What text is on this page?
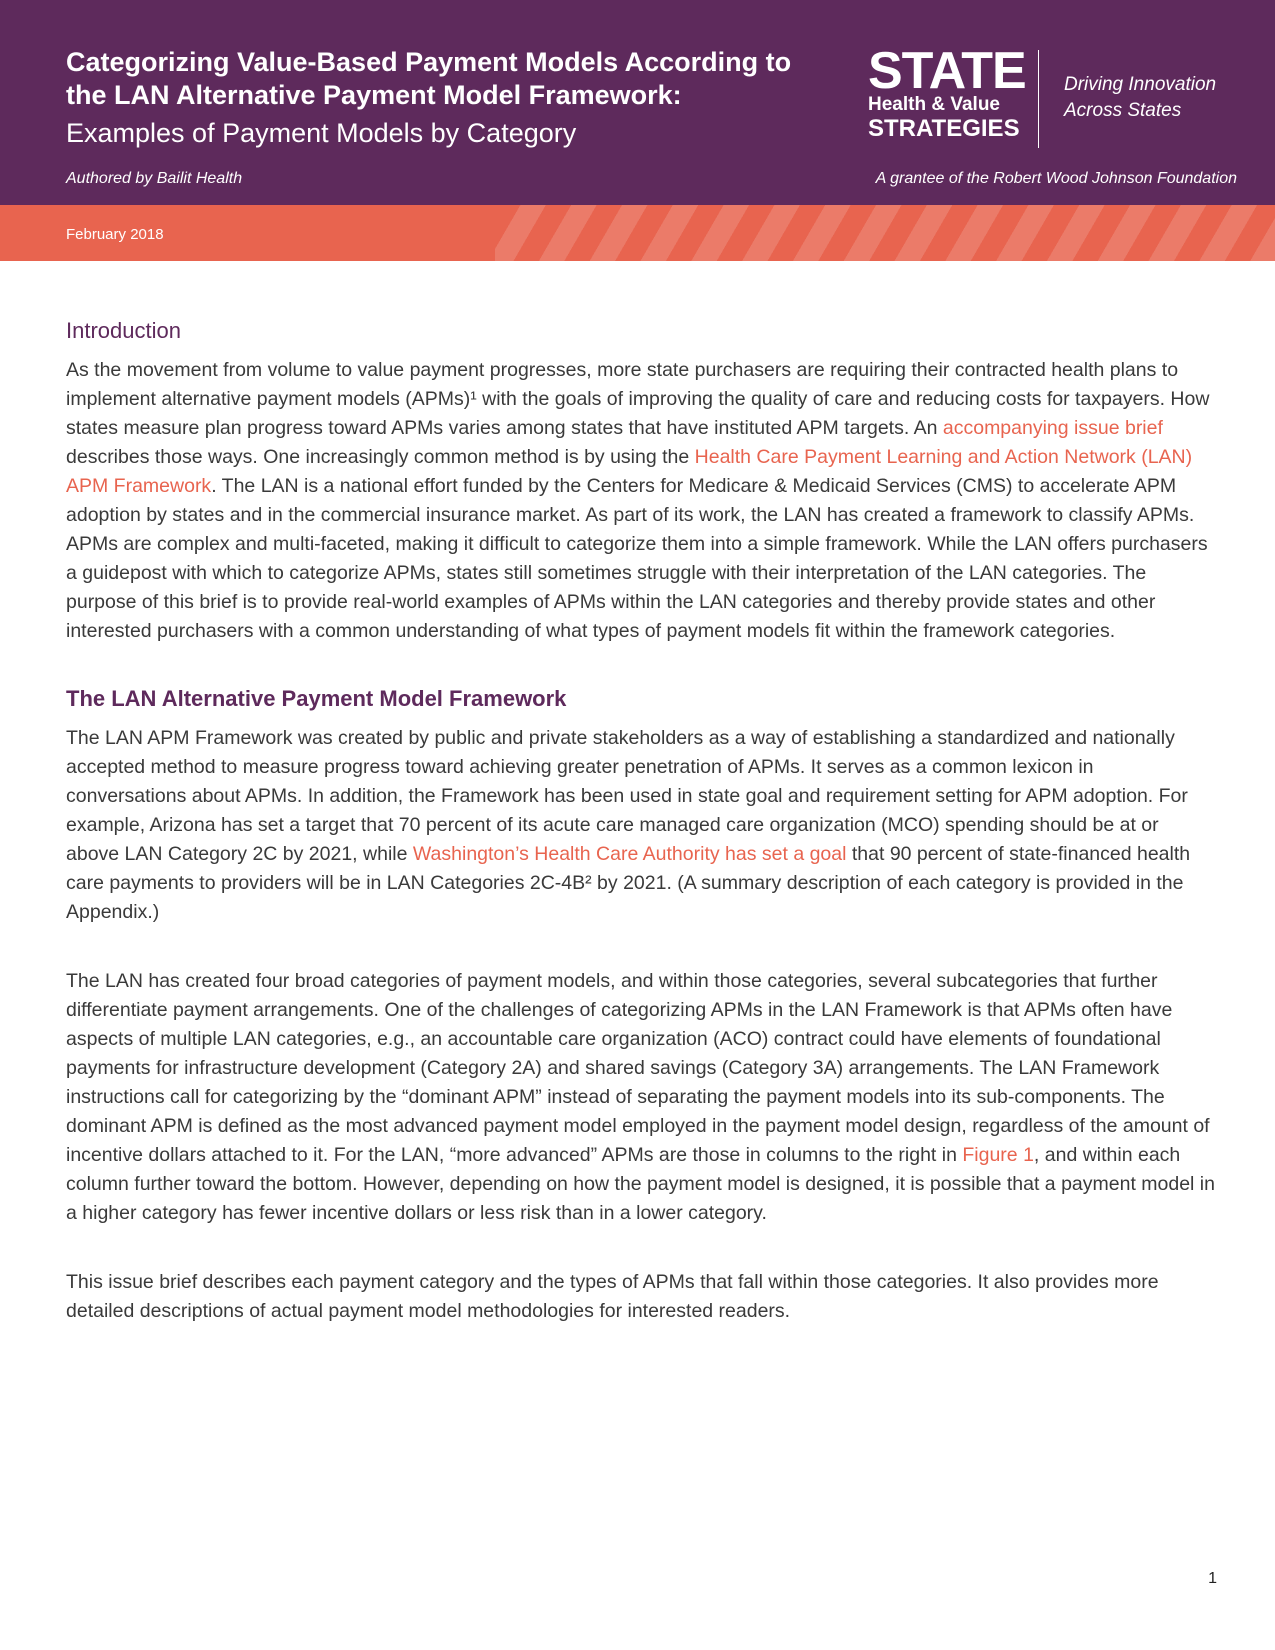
Categorizing Value-Based Payment Models According to the LAN Alternative Payment Model Framework:
Examples of Payment Models by Category
Authored by Bailit Health
STATE
Health & Value
STRATEGIES
Driving Innovation
Across States
A grantee of the Robert Wood Johnson Foundation
February 2018
Introduction

As the movement from volume to value payment progresses, more state purchasers are requiring their contracted health plans to implement alternative payment models (APMs)¹ with the goals of improving the quality of care and reducing costs for taxpayers. How states measure plan progress toward APMs varies among states that have instituted APM targets. An accompanying issue brief describes those ways. One increasingly common method is by using the Health Care Payment Learning and Action Network (LAN) APM Framework. The LAN is a national effort funded by the Centers for Medicare & Medicaid Services (CMS) to accelerate APM adoption by states and in the commercial insurance market. As part of its work, the LAN has created a framework to classify APMs. APMs are complex and multi-faceted, making it difficult to categorize them into a simple framework. While the LAN offers purchasers a guidepost with which to categorize APMs, states still sometimes struggle with their interpretation of the LAN categories. The purpose of this brief is to provide real-world examples of APMs within the LAN categories and thereby provide states and other interested purchasers with a common understanding of what types of payment models fit within the framework categories.

The LAN Alternative Payment Model Framework

The LAN APM Framework was created by public and private stakeholders as a way of establishing a standardized and nationally accepted method to measure progress toward achieving greater penetration of APMs. It serves as a common lexicon in conversations about APMs. In addition, the Framework has been used in state goal and requirement setting for APM adoption. For example, Arizona has set a target that 70 percent of its acute care managed care organization (MCO) spending should be at or above LAN Category 2C by 2021, while Washington’s Health Care Authority has set a goal that 90 percent of state-financed health care payments to providers will be in LAN Categories 2C-4B² by 2021. (A summary description of each category is provided in the Appendix.)

The LAN has created four broad categories of payment models, and within those categories, several subcategories that further differentiate payment arrangements. One of the challenges of categorizing APMs in the LAN Framework is that APMs often have aspects of multiple LAN categories, e.g., an accountable care organization (ACO) contract could have elements of foundational payments for infrastructure development (Category 2A) and shared savings (Category 3A) arrangements. The LAN Framework instructions call for categorizing by the “dominant APM” instead of separating the payment models into its sub-components. The dominant APM is defined as the most advanced payment model employed in the payment model design, regardless of the amount of incentive dollars attached to it. For the LAN, “more advanced” APMs are those in columns to the right in Figure 1, and within each column further toward the bottom. However, depending on how the payment model is designed, it is possible that a payment model in a higher category has fewer incentive dollars or less risk than in a lower category.

This issue brief describes each payment category and the types of APMs that fall within those categories. It also provides more detailed descriptions of actual payment model methodologies for interested readers.

1
